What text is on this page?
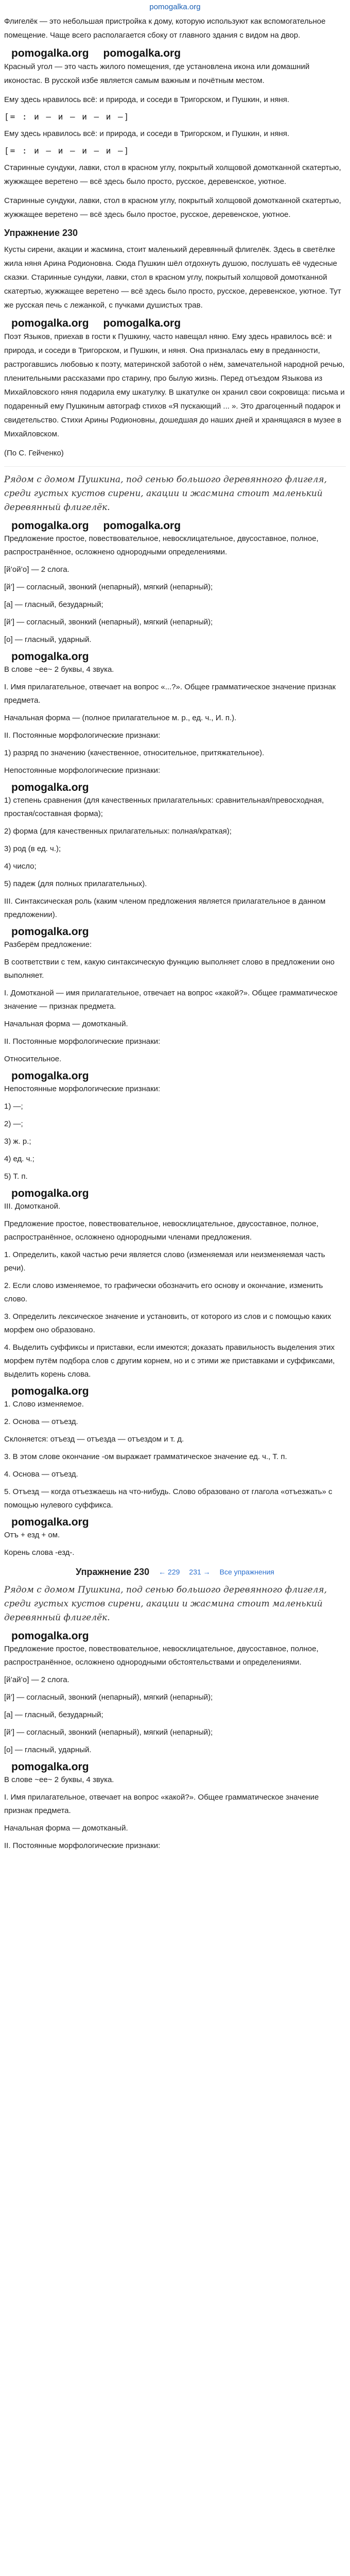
pomogalka.org

Флигелёк — это небольшая пристройка к дому, которую используют как вспомогательное помещение. Чаще всего располагается сбоку от главного здания с видом на двор.

pomogalka.org pomogalka.org

Красный угол — это часть жилого помещения, где установлена икона или домашний иконостас. В русской избе является самым важным и почётным местом.

Ему здесь нравилось всё: и природа, и соседи в Тригорском, и Пушкин, и няня.

[= : и — и — и — и —]

Ему здесь нравилось всё: и природа, и соседи в Тригорском, и Пушкин, и няня.

[= : и — и — и — и —]

Старинные сундуки, лавки, стол в красном углу, покрытый холщовой домотканной скатертью, жужжащее веретено — всё здесь было просто, русское, деревенское, уютное.

Старинные сундуки, лавки, стол в красном углу, покрытый холщовой домотканной скатертью, жужжащее веретено — всё здесь было простое, русское, деревенское, уютное.

Упражнение 230

Кусты сирени, акации и жасмина, стоит маленький деревянный флигелёк. Здесь в светёлке жила няня Арина Родионовна. Сюда Пушкин шёл отдохнуть душою, послушать её чудесные сказки. Старинные сундуки, лавки, стол в красном углу, покрытый холщовой домотканной скатертью, жужжащее веретено — всё здесь было просто, русское, деревенское, уютное. Тут же русская печь с лежанкой, с пучками душистых трав.

pomogalka.org pomogalka.org

Поэт Языков, приехав в гости к Пушкину, часто навещал няню. Ему здесь нравилось всё: и природа, и соседи в Тригорском, и Пушкин, и няня. Она призналась ему в преданности, растрогавшись любовью к поэту, материнской заботой о нём, замечательной народной речью, пленительными рассказами про старину, про былую жизнь. Перед отъездом Языкова из Михайловского няня подарила ему шкатулку. В шкатулке он хранил свои сокровища: письма и подаренный ему Пушкиным автограф стихов «Я пускающий ... ». Это драгоценный подарок и свидетельство. Стихи Арины Родионовны, дошедшая до наших дней и хранящаяся в музее в Михайловском.

(По С. Гейченко)

Рядом с домом Пушкина, под сенью большого деревянного флигеля, среди густых кустов сирени, акации и жасмина стоит маленький деревянный флигелёк.

pomogalka.org pomogalka.org

Предложение простое, повествовательное, невосклицательное, двусоставное, полное, распространённое, осложнено однородными определениями.

[й’ой’о] — 2 слога.

[й’] — согласный, звонкий (непарный), мягкий (непарный);

[а] — гласный, безударный;

[й’] — согласный, звонкий (непарный), мягкий (непарный);

[о] — гласный, ударный.

pomogalka.org

В слове ~ее~ 2 буквы, 4 звука.

I. Имя прилагательное, отвечает на вопрос «...?». Общее грамматическое значение признак предмета.

Начальная форма — (полное прилагательное м. р., ед. ч., И. п.).

II. Постоянные морфологические признаки:

1) разряд по значению (качественное, относительное, притяжательное).

Непостоянные морфологические признаки:

pomogalka.org

1) степень сравнения (для качественных прилагательных: сравнительная/превосходная, простая/составная форма);

2) форма (для качественных прилагательных: полная/краткая);

3) род (в ед. ч.);

4) число;

5) падеж (для полных прилагательных).

III. Синтаксическая роль (каким членом предложения является прилагательное в данном предложении).

pomogalka.org

Разберём предложение:

В соответствии с тем, какую синтаксическую функцию выполняет слово в предложении оно выполняет.

I. Домотканой — имя прилагательное, отвечает на вопрос «какой?». Общее грамматическое значение — признак предмета.

Начальная форма — домотканый.

II. Постоянные морфологические признаки:

Относительное.

pomogalka.org

Непостоянные морфологические признаки:

1) —;

2) —;

3) ж. р.;

4) ед. ч.;

5) Т. п.

pomogalka.org

III. Домотканой.

Предложение простое, повествовательное, невосклицательное, двусоставное, полное, распространённое, осложнено однородными членами предложения.

1. Определить, какой частью речи является слово (изменяемая или неизменяемая часть речи).

2. Если слово изменяемое, то графически обозначить его основу и окончание, изменить слово.

3. Определить лексическое значение и установить, от которого из слов и с помощью каких морфем оно образовано.

4. Выделить суффиксы и приставки, если имеются; доказать правильность выделения этих морфем путём подбора слов с другим корнем, но и с этими же приставками и суффиксами, выделить корень слова.

pomogalka.org

1. Слово изменяемое.

2. Основа — отъезд.

Склоняется: отъезд — отъезда — отъездом и т. д.

3. В этом слове окончание -ом выражает грамматическое значение ед. ч., Т. п.

4. Основа — отъезд.

5. Отъезд — когда отъезжаешь на что-нибудь. Слово образовано от глагола «отъезжать» с помощью нулевого суффикса.

pomogalka.org

Отъ + езд + ом.

Корень слова -езд-.

Упражнение 230 ← 229 231 → Все упражнения

Рядом с домом Пушкина, под сенью большого деревянного флигеля, среди густых кустов сирени, акации и жасмина стоит маленький деревянный флигелёк.

pomogalka.org

Предложение простое, повествовательное, невосклицательное, двусоставное, полное, распространённое, осложнено однородными обстоятельствами и определениями.

[й’ай’о] — 2 слога.

[й’] — согласный, звонкий (непарный), мягкий (непарный);

[а] — гласный, безударный;

[й’] — согласный, звонкий (непарный), мягкий (непарный);

[о] — гласный, ударный.

pomogalka.org

В слове ~ее~ 2 буквы, 4 звука.

I. Имя прилагательное, отвечает на вопрос «какой?». Общее грамматическое значение признак предмета.

Начальная форма — домотканый.

II. Постоянные морфологические признаки:
